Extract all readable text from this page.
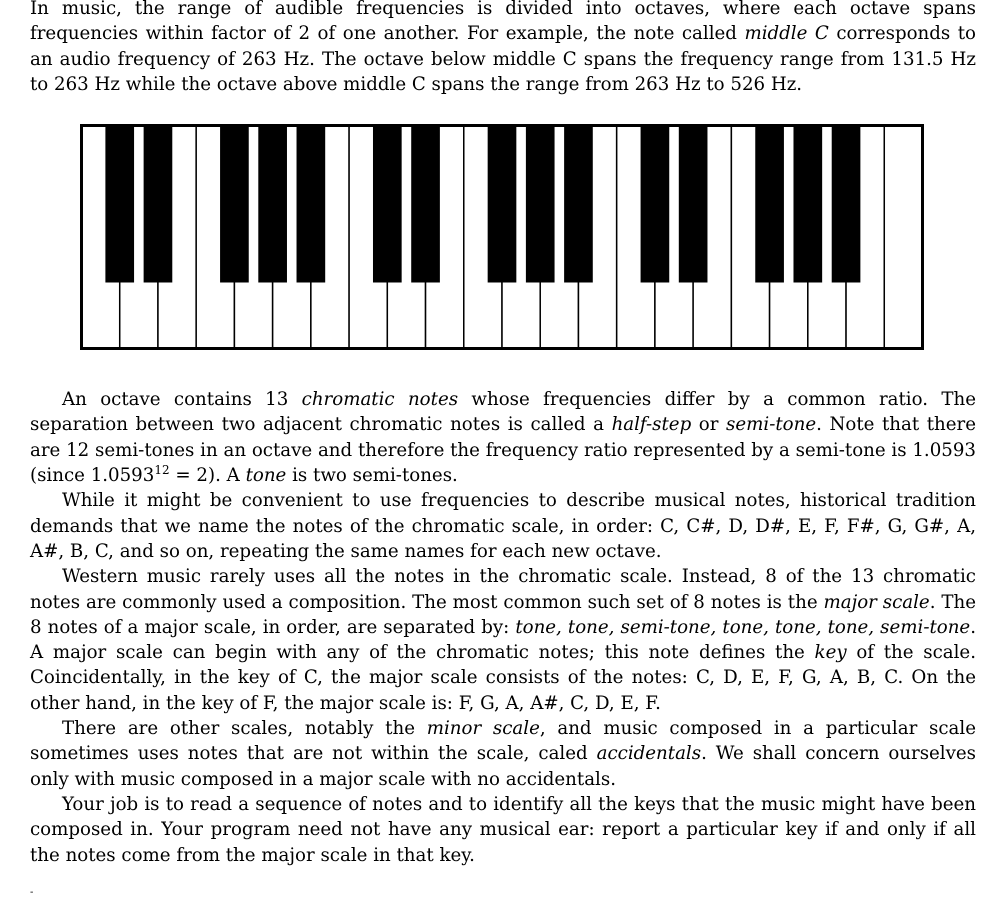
In music, the range of audible frequencies is divided into octaves, where each octave spans frequencies within factor of 2 of one another. For example, the note called middle C corresponds to an audio frequency of 263 Hz. The octave below middle C spans the frequency range from 131.5 Hz to 263 Hz while the octave above middle C spans the range from 263 Hz to 526 Hz.

An octave contains 13 chromatic notes whose frequencies differ by a common ratio. The separation between two adjacent chromatic notes is called a half-step or semi-tone. Note that there are 12 semi-tones in an octave and therefore the frequency ratio represented by a semi-tone is 1.0593 (since $1.0593^{12} = 2$). A tone is two semi-tones.

While it might be convenient to use frequencies to describe musical notes, historical tradition demands that we name the notes of the chromatic scale, in order: C, C#, D, D#, E, F, F#, G, G#, A, A#, B, C, and so on, repeating the same names for each new octave.

Western music rarely uses all the notes in the chromatic scale. Instead, 8 of the 13 chromatic notes are commonly used a composition. The most common such set of 8 notes is the major scale. The 8 notes of a major scale, in order, are separated by: tone, tone, semi-tone, tone, tone, tone, semi-tone. A major scale can begin with any of the chromatic notes; this note defines the key of the scale. Coincidentally, in the key of C, the major scale consists of the notes: C, D, E, F, G, A, B, C. On the other hand, in the key of F, the major scale is: F, G, A, A#, C, D, E, F.

There are other scales, notably the minor scale, and music composed in a particular scale sometimes uses notes that are not within the scale, caled accidentals. We shall concern ourselves only with music composed in a major scale with no accidentals.

Your job is to read a sequence of notes and to identify all the keys that the music might have been composed in. Your program need not have any musical ear: report a particular key if and only if all the notes come from the major scale in that key.

-
